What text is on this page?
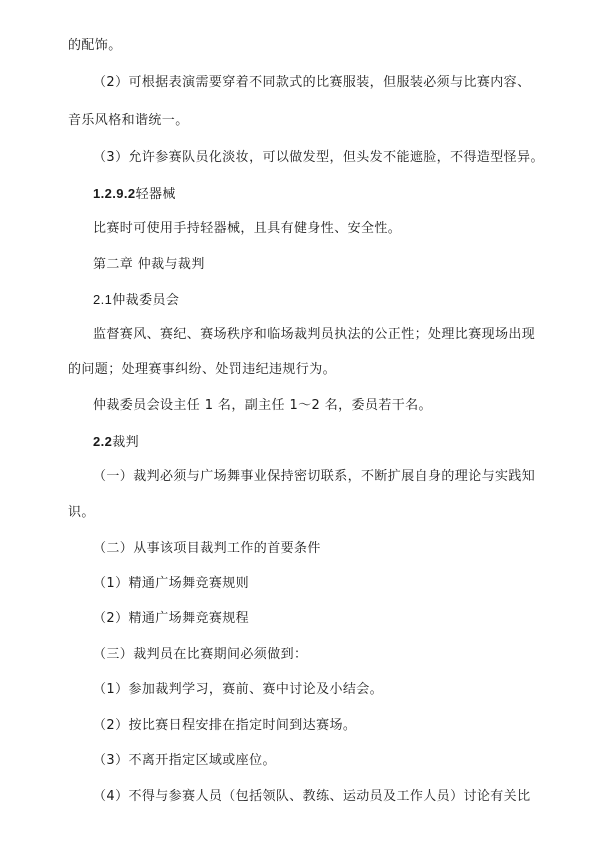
的配饰。
（2）可根据表演需要穿着不同款式的比赛服装，但服装必须与比赛内容、
音乐风格和谐统一。
（3）允许参赛队员化淡妆，可以做发型，但头发不能遮脸，不得造型怪异。
1.2.9.2轻器械
比赛时可使用手持轻器械，且具有健身性、安全性。
第二章 仲裁与裁判
2.1仲裁委员会
监督赛风、赛纪、赛场秩序和临场裁判员执法的公正性；处理比赛现场出现
的问题；处理赛事纠纷、处罚违纪违规行为。
仲裁委员会设主任 1 名，副主任 1～2 名，委员若干名。
2.2裁判
（一）裁判必须与广场舞事业保持密切联系，不断扩展自身的理论与实践知
识。
（二）从事该项目裁判工作的首要条件
（1）精通广场舞竞赛规则
（2）精通广场舞竞赛规程
（三）裁判员在比赛期间必须做到：
（1）参加裁判学习，赛前、赛中讨论及小结会。
（2）按比赛日程安排在指定时间到达赛场。
（3）不离开指定区域或座位。
（4）不得与参赛人员（包括领队、教练、运动员及工作人员）讨论有关比
